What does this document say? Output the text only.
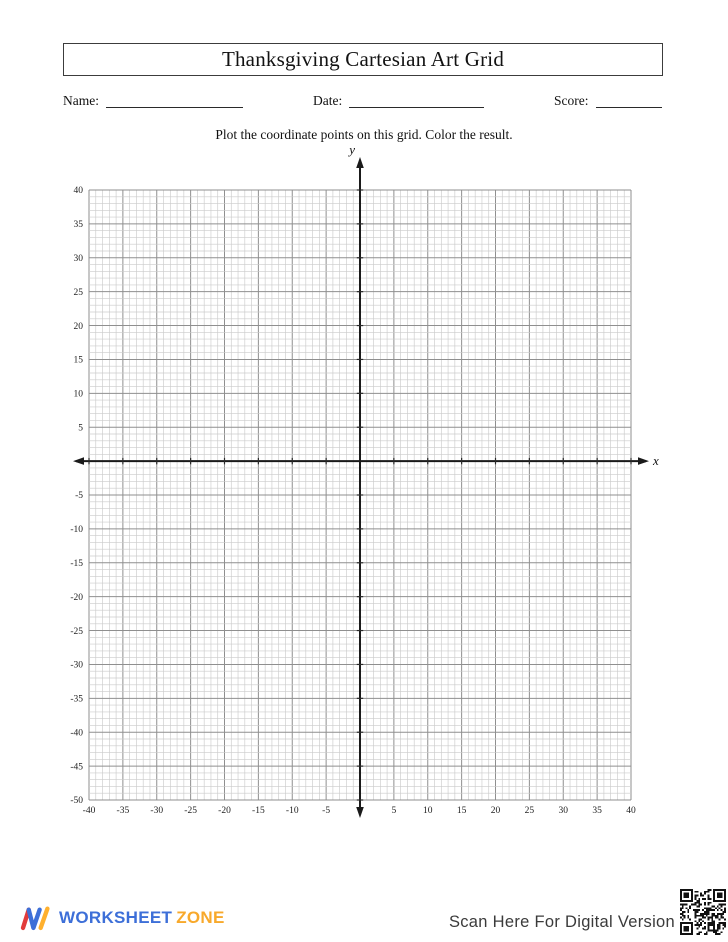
Thanksgiving Cartesian Art Grid
Name:	Date:	Score:
Plot the coordinate points on this grid. Color the result.
-40 -35 -30 -25 -20 -15 -10 -5	5	10	15	20	25	30	35	40
40
35
30
25
20
15
10
5
-5
-10
-15
-20
-25
-30
-35
-40
-45
-50
x
y
WORKSHEET ZONE	Scan Here For Digital Version
